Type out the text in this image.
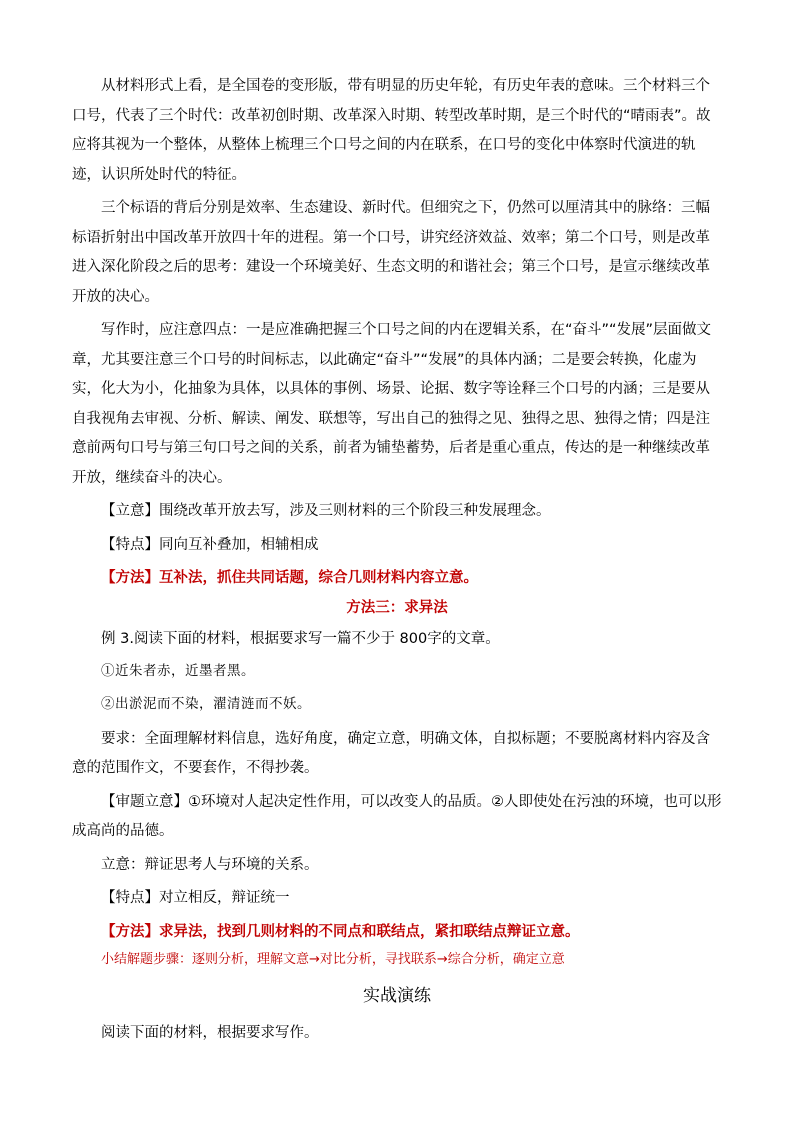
从材料形式上看，是全国卷的变形版，带有明显的历史年轮，有历史年表的意味。三个材料三个口号，代表了三个时代：改革初创时期、改革深入时期、转型改革时期，是三个时代的“晴雨表”。故应将其视为一个整体，从整体上梳理三个口号之间的内在联系，在口号的变化中体察时代演进的轨迹，认识所处时代的特征。

三个标语的背后分别是效率、生态建设、新时代。但细究之下，仍然可以厘清其中的脉络：三幅标语折射出中国改革开放四十年的进程。第一个口号，讲究经济效益、效率；第二个口号，则是改革进入深化阶段之后的思考：建设一个环境美好、生态文明的和谐社会；第三个口号，是宣示继续改革开放的决心。

写作时，应注意四点：一是应准确把握三个口号之间的内在逻辑关系，在“奋斗”“发展”层面做文章，尤其要注意三个口号的时间标志，以此确定“奋斗”“发展”的具体内涵；二是要会转换，化虚为实，化大为小，化抽象为具体，以具体的事例、场景、论据、数字等诠释三个口号的内涵；三是要从自我视角去审视、分析、解读、阐发、联想等，写出自己的独得之见、独得之思、独得之情；四是注意前两句口号与第三句口号之间的关系，前者为铺垫蓄势，后者是重心重点，传达的是一种继续改革开放，继续奋斗的决心。

【立意】围绕改革开放去写，涉及三则材料的三个阶段三种发展理念。

【特点】同向互补叠加，相辅相成

【方法】互补法，抓住共同话题，综合几则材料内容立意。

方法三：求异法

例 3.阅读下面的材料，根据要求写一篇不少于 800字的文章。

①近朱者赤，近墨者黑。

②出淤泥而不染，濯清涟而不妖。

要求：全面理解材料信息，选好角度，确定立意，明确文体，自拟标题；不要脱离材料内容及含意的范围作文，不要套作，不得抄袭。

【审题立意】①环境对人起决定性作用，可以改变人的品质。②人即使处在污浊的环境，也可以形成高尚的品德。

立意：辩证思考人与环境的关系。

【特点】对立相反，辩证统一

【方法】求异法，找到几则材料的不同点和联结点，紧扣联结点辩证立意。

小结解题步骤：逐则分析，理解文意→对比分析，寻找联系→综合分析，确定立意

实战演练

阅读下面的材料，根据要求写作。
